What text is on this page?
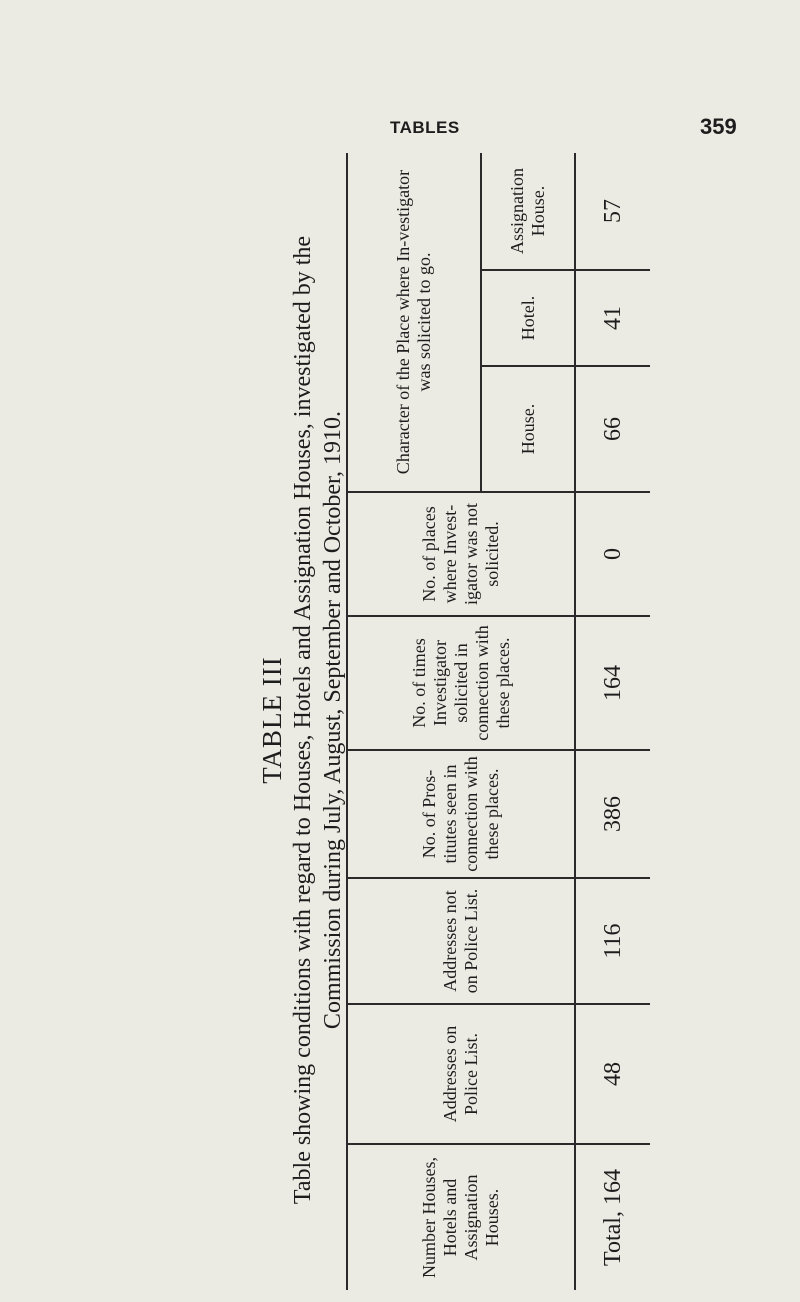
TABLES	359
TABLE III Table showing conditions with regard to Houses, Hotels and Assignation Houses, investigated by the Commission during July, August, September and October, 1910.
Number Houses, Hotels and Assignation Houses.	Addresses on Police List.	Addresses not on Police List.	No. of Pros-titutes seen in connection with these places.	No. of times Investigator solicited in connection with these places.	No. of places where Invest-igator was not solicited.	Character of the Place where In-vestigator was solicited to go.		
						House.	Hotel.	Assignation House.
Total, 164	48	116	386	164	0	66	41	57
